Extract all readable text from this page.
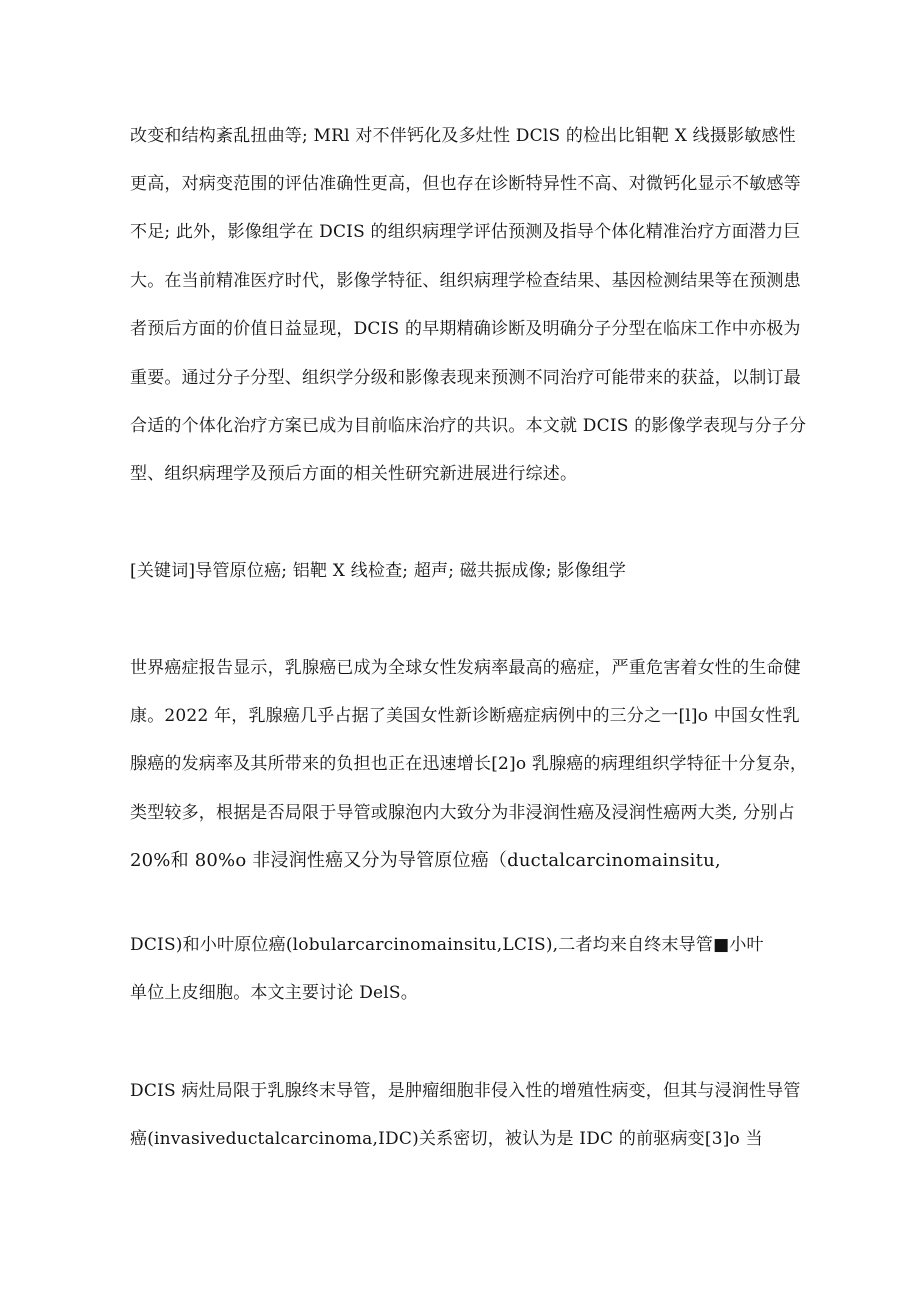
改变和结构紊乱扭曲等; MRl 对不伴钙化及多灶性 DClS 的检出比钼靶 X 线摄影敏感性
更高，对病变范围的评估准确性更高，但也存在诊断特异性不高、对微钙化显示不敏感等
不足; 此外，影像组学在 DCIS 的组织病理学评估预测及指导个体化精准治疗方面潜力巨
大。在当前精准医疗时代，影像学特征、组织病理学检查结果、基因检测结果等在预测患
者预后方面的价值日益显现，DCIS 的早期精确诊断及明确分子分型在临床工作中亦极为
重要。通过分子分型、组织学分级和影像表现来预测不同治疗可能带来的获益，以制订最
合适的个体化治疗方案已成为目前临床治疗的共识。本文就 DCIS 的影像学表现与分子分
型、组织病理学及预后方面的相关性研究新进展进行综述。
[关键词]导管原位癌; 铝靶 X 线检查; 超声; 磁共振成像; 影像组学
世界癌症报告显示，乳腺癌已成为全球女性发病率最高的癌症，严重危害着女性的生命健
康。2022 年，乳腺癌几乎占据了美国女性新诊断癌症病例中的三分之一[l]o 中国女性乳
腺癌的发病率及其所带来的负担也正在迅速增长[2]o 乳腺癌的病理组织学特征十分复杂，
类型较多，根据是否局限于导管或腺泡内大致分为非浸润性癌及浸润性癌两大类, 分别占
20%和 80%o 非浸润性癌又分为导管原位癌（ductalcarcinomainsitu,
DCIS)和小叶原位癌(lobularcarcinomainsitu,LCIS),二者均来自终末导管■小叶
单位上皮细胞。本文主要讨论 DelS。
DCIS 病灶局限于乳腺终末导管，是肿瘤细胞非侵入性的增殖性病变，但其与浸润性导管
癌(invasiveductalcarcinoma,IDC)关系密切，被认为是 IDC 的前驱病变[3]o 当
